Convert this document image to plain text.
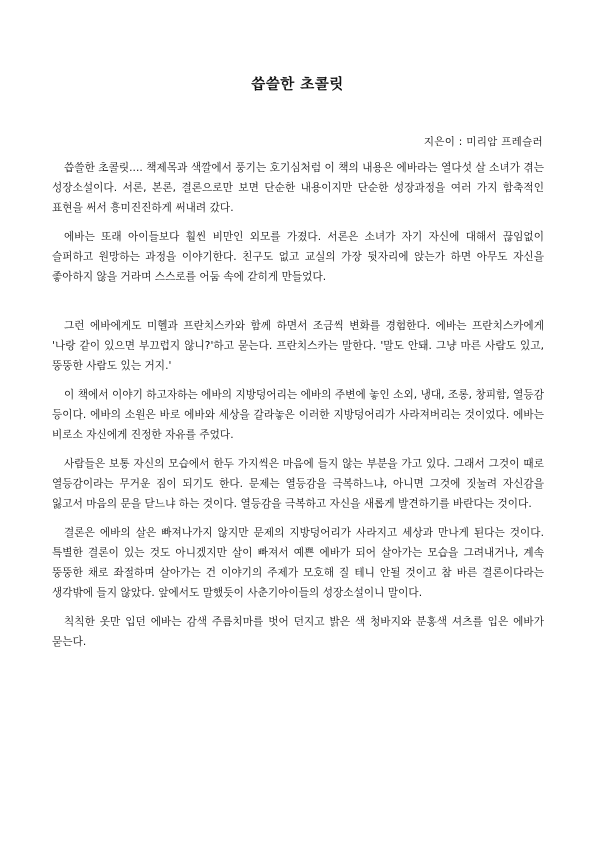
씁쓸한 초콜릿

지은이 : 미리암 프레슬러

씁쓸한 초콜릿.... 책제목과 색깔에서 풍기는 호기심처럼 이 책의 내용은 에바라는 열다섯 살 소녀가 겪는 성장소설이다. 서론, 본론, 결론으로만 보면 단순한 내용이지만 단순한 성장과정을 여러 가지 함축적인 표현을 써서 흥미진진하게 써내려 갔다.

에바는 또래 아이들보다 훨씬 비만인 외모를 가졌다. 서론은 소녀가 자기 자신에 대해서 끊임없이 슬퍼하고 원망하는 과정을 이야기한다. 친구도 없고 교실의 가장 뒷자리에 앉는가 하면 아무도 자신을 좋아하지 않을 거라며 스스로를 어둠 속에 갇히게 만들었다.

그런 에바에게도 미헬과 프란치스카와 함께 하면서 조금씩 변화를 경험한다. 에바는 프란치스카에게 '나랑 같이 있으면 부끄럽지 않니?'하고 묻는다. 프란치스카는 말한다. '말도 안돼. 그냥 마른 사람도 있고, 뚱뚱한 사람도 있는 거지.'

이 책에서 이야기 하고자하는 에바의 지방덩어리는 에바의 주변에 놓인 소외, 냉대, 조롱, 창피함, 열등감 등이다. 에바의 소원은 바로 에바와 세상을 갈라놓은 이러한 지방덩어리가 사라져버리는 것이었다. 에바는 비로소 자신에게 진정한 자유를 주었다.

사람들은 보통 자신의 모습에서 한두 가지씩은 마음에 들지 않는 부분을 가고 있다. 그래서 그것이 때로 열등감이라는 무거운 짐이 되기도 한다. 문제는 열등감을 극복하느냐, 아니면 그것에 짓눌려 자신감을 잃고서 마음의 문을 닫느냐 하는 것이다. 열등감을 극복하고 자신을 새롭게 발견하기를 바란다는 것이다.

결론은 에바의 살은 빠져나가지 않지만 문제의 지방덩어리가 사라지고 세상과 만나게 된다는 것이다. 특별한 결론이 있는 것도 아니겠지만 살이 빠져서 예쁜 에바가 되어 살아가는 모습을 그려내거나, 계속 뚱뚱한 채로 좌절하며 살아가는 건 이야기의 주제가 모호해 질 테니 안될 것이고 참 바른 결론이다라는 생각밖에 들지 않았다. 앞에서도 말했듯이 사춘기아이들의 성장소설이니 말이다.

칙칙한 옷만 입던 에바는 감색 주름치마를 벗어 던지고 밝은 색 청바지와 분홍색 셔츠를 입은 에바가 묻는다.
